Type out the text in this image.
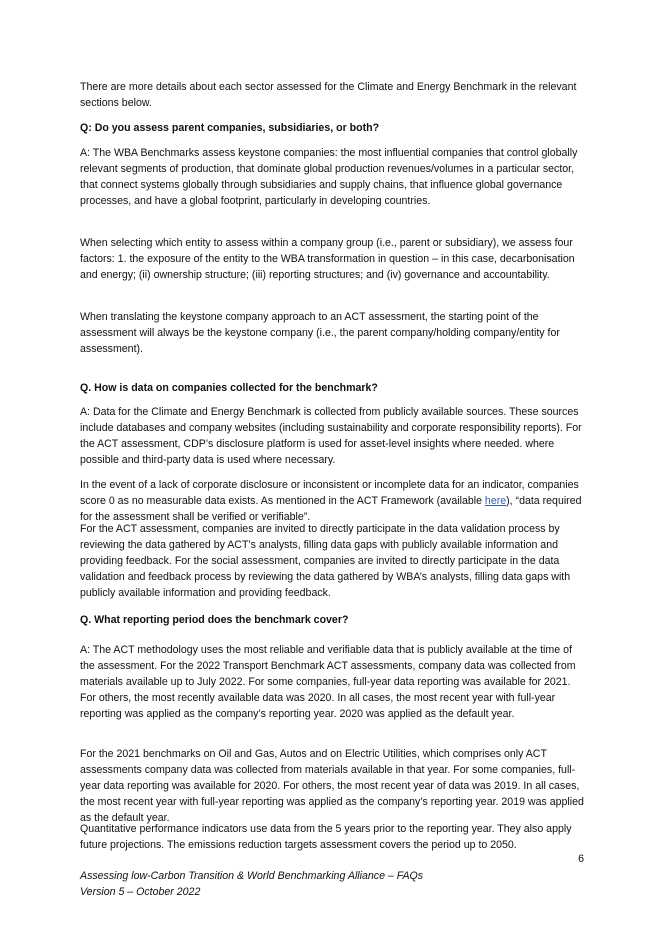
There are more details about each sector assessed for the Climate and Energy Benchmark in the relevant sections below.

Q: Do you assess parent companies, subsidiaries, or both?

A: The WBA Benchmarks assess keystone companies: the most influential companies that control globally relevant segments of production, that dominate global production revenues/volumes in a particular sector, that connect systems globally through subsidiaries and supply chains, that influence global governance processes, and have a global footprint, particularly in developing countries.

When selecting which entity to assess within a company group (i.e., parent or subsidiary), we assess four factors: 1. the exposure of the entity to the WBA transformation in question – in this case, decarbonisation and energy; (ii) ownership structure; (iii) reporting structures; and (iv) governance and accountability.

When translating the keystone company approach to an ACT assessment, the starting point of the assessment will always be the keystone company (i.e., the parent company/holding company/entity for assessment).

Q. How is data on companies collected for the benchmark?

A: Data for the Climate and Energy Benchmark is collected from publicly available sources. These sources include databases and company websites (including sustainability and corporate responsibility reports). For the ACT assessment, CDP’s disclosure platform is used for asset-level insights where needed. where possible and third-party data is used where necessary.

In the event of a lack of corporate disclosure or inconsistent or incomplete data for an indicator, companies score 0 as no measurable data exists. As mentioned in the ACT Framework (available here), “data required for the assessment shall be verified or verifiable”.

For the ACT assessment, companies are invited to directly participate in the data validation process by reviewing the data gathered by ACT’s analysts, filling data gaps with publicly available information and providing feedback. For the social assessment, companies are invited to directly participate in the data validation and feedback process by reviewing the data gathered by WBA’s analysts, filling data gaps with publicly available information and providing feedback.

Q. What reporting period does the benchmark cover?

A: The ACT methodology uses the most reliable and verifiable data that is publicly available at the time of the assessment. For the 2022 Transport Benchmark ACT assessments, company data was collected from materials available up to July 2022. For some companies, full-year data reporting was available for 2021. For others, the most recently available data was 2020. In all cases, the most recent year with full-year reporting was applied as the company’s reporting year. 2020 was applied as the default year.

For the 2021 benchmarks on Oil and Gas, Autos and on Electric Utilities, which comprises only ACT assessments company data was collected from materials available in that year. For some companies, full-year data reporting was available for 2020. For others, the most recent year of data was 2019. In all cases, the most recent year with full-year reporting was applied as the company’s reporting year. 2019 was applied as the default year.

Quantitative performance indicators use data from the 5 years prior to the reporting year. They also apply future projections. The emissions reduction targets assessment covers the period up to 2050.

6

Assessing low-Carbon Transition & World Benchmarking Alliance – FAQs

Version 5 – October 2022
